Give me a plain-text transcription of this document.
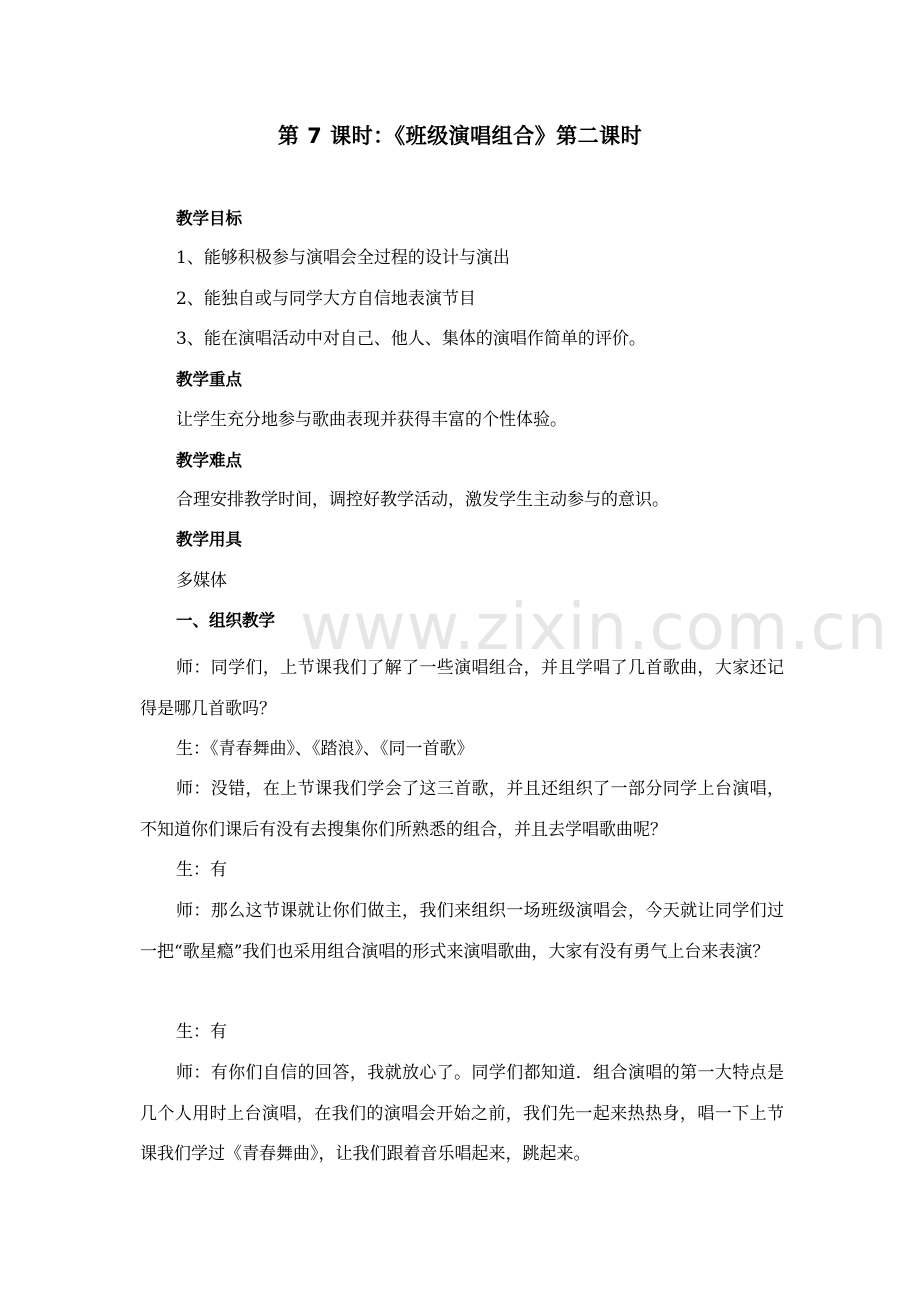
www.zixin.com.cn
第 7 课时：《班级演唱组合》第二课时
教学目标
1、能够积极参与演唱会全过程的设计与演出
2、能独自或与同学大方自信地表演节目
3、能在演唱活动中对自己、他人、集体的演唱作简单的评价。
教学重点
让学生充分地参与歌曲表现并获得丰富的个性体验。
教学难点
合理安排教学时间，调控好教学活动，激发学生主动参与的意识。
教学用具
多媒体
一、组织教学

师：同学们，上节课我们了解了一些演唱组合，并且学唱了几首歌曲，大家还记得是哪几首歌吗？

生：《青春舞曲》、《踏浪》、《同一首歌》

师：没错，在上节课我们学会了这三首歌，并且还组织了一部分同学上台演唱，不知道你们课后有没有去搜集你们所熟悉的组合，并且去学唱歌曲呢？

生：有

师：那么这节课就让你们做主，我们来组织一场班级演唱会，今天就让同学们过一把“歌星瘾”我们也采用组合演唱的形式来演唱歌曲，大家有没有勇气上台来表演？

生：有

师：有你们自信的回答，我就放心了。同学们都知道．组合演唱的第一大特点是几个人用时上台演唱，在我们的演唱会开始之前，我们先一起来热热身，唱一下上节课我们学过《青春舞曲》，让我们跟着音乐唱起来，跳起来。
